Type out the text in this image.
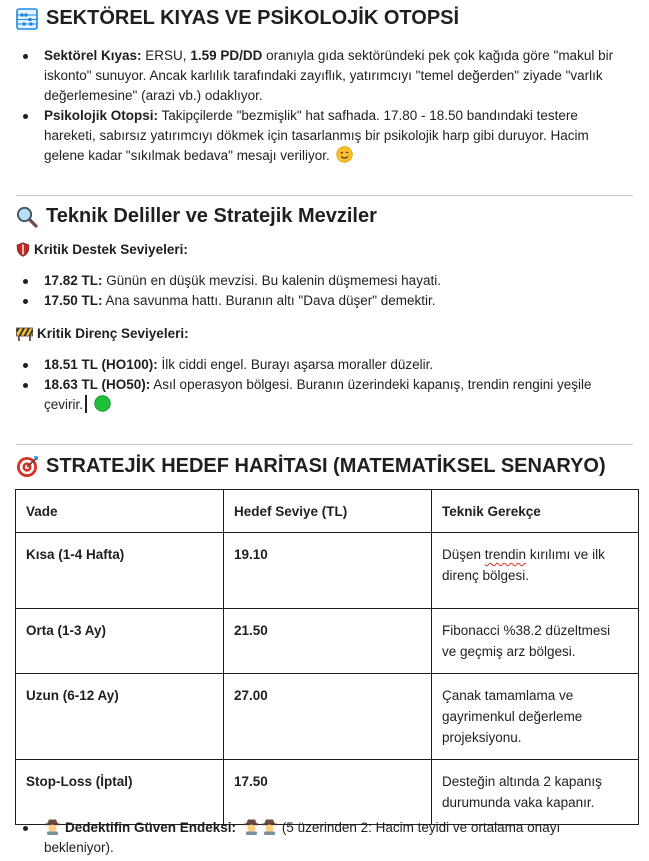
SEKTÖREL KIYAS VE PSİKOLOJİK OTOPSİ
Sektörel Kıyas: ERSU, 1.59 PD/DD oranıyla gıda sektöründeki pek çok kağıda göre "makul bir iskonto" sunuyor. Ancak karlılık tarafındaki zayıflık, yatırımcıyı "temel değerden" ziyade "varlık değerlemesine" (arazi vb.) odaklıyor.
Psikolojik Otopsi: Takipçilerde "bezmişlik" hat safhada. 17.80 - 18.50 bandındaki testere hareketi, sabırsız yatırımcıyı dökmek için tasarlanmış bir psikolojik harp gibi duruyor. Hacim gelene kadar "sıkılmak bedava" mesajı veriliyor.
Teknik Deliller ve Stratejik Mevziler
Kritik Destek Seviyeleri:
17.82 TL: Günün en düşük mevzisi. Bu kalenin düşmemesi hayati.
17.50 TL: Ana savunma hattı. Buranın altı "Dava düşer" demektir.
Kritik Direnç Seviyeleri:
18.51 TL (HO100): İlk ciddi engel. Burayı aşarsa moraller düzelir.
18.63 TL (HO50): Asıl operasyon bölgesi. Buranın üzerindeki kapanış, trendin rengini yeşile çevirir.
STRATEJİK HEDEF HARİTASI (MATEMATİKSEL SENARYO)
Vade	Hedef Seviye (TL)	Teknik Gerekçe
Kısa (1-4 Hafta)	19.10	Düşen trendin kırılımı ve ilk direnç bölgesi.
Orta (1-3 Ay)	21.50	Fibonacci %38.2 düzeltmesi ve geçmiş arz bölgesi.
Uzun (6-12 Ay)	27.00	Çanak tamamlama ve gayrimenkul değerleme projeksiyonu.
Stop-Loss (İptal)	17.50	Desteğin altında 2 kapanış durumunda vaka kapanır.
Dedektifin Güven Endeksi:	(5 üzerinden 2: Hacim teyidi ve ortalama onayı bekleniyor).
